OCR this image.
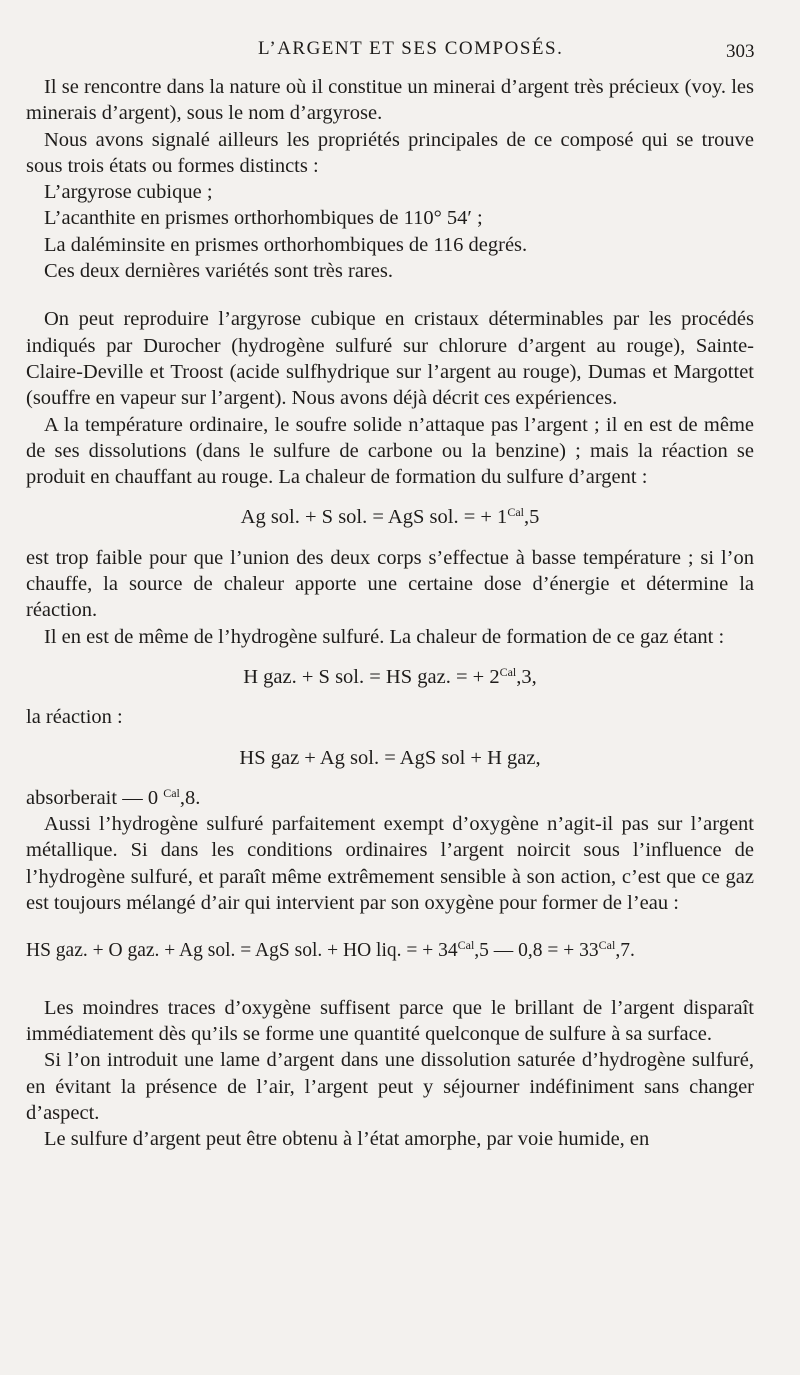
L’ARGENT ET SES COMPOSÉS.	303

Il se rencontre dans la nature où il constitue un minerai d’argent très précieux (voy. les minerais d’argent), sous le nom d’argyrose.

Nous avons signalé ailleurs les propriétés principales de ce composé qui se trouve sous trois états ou formes distincts :

L’argyrose cubique ;

L’acanthite en prismes orthorhombiques de 110° 54′ ;

La daléminsite en prismes orthorhombiques de 116 degrés.

Ces deux dernières variétés sont très rares.

On peut reproduire l’argyrose cubique en cristaux déterminables par les procédés indiqués par Durocher (hydrogène sulfuré sur chlorure d’argent au rouge), Sainte-Claire-Deville et Troost (acide sulfhydrique sur l’argent au rouge), Dumas et Margottet (souffre en vapeur sur l’argent). Nous avons déjà décrit ces expériences.

A la température ordinaire, le soufre solide n’attaque pas l’argent ; il en est de même de ses dissolutions (dans le sulfure de carbone ou la benzine) ; mais la réaction se produit en chauffant au rouge. La chaleur de formation du sulfure d’argent :

Ag sol. + S sol. = AgS sol. = + $1^{Cal},5$

est trop faible pour que l’union des deux corps s’effectue à basse température ; si l’on chauffe, la source de chaleur apporte une certaine dose d’énergie et détermine la réaction.

Il en est de même de l’hydrogène sulfuré. La chaleur de formation de ce gaz étant :

H gaz. + S sol. = HS gaz. = + $2^{Cal},3$,

la réaction :

HS gaz + Ag sol. = AgS sol + H gaz,

absorberait — 0 $^{Cal}$,8.

Aussi l’hydrogène sulfuré parfaitement exempt d’oxygène n’agit-il pas sur l’argent métallique. Si dans les conditions ordinaires l’argent noircit sous l’influence de l’hydrogène sulfuré, et paraît même extrêmement sensible à son action, c’est que ce gaz est toujours mélangé d’air qui intervient par son oxygène pour former de l’eau :

HS gaz. + O gaz. + Ag sol. = AgS sol. + HO liq. = + $34^{Cal},5$ — 0,8 = + $33^{Cal},7$.

Les moindres traces d’oxygène suffisent parce que le brillant de l’argent disparaît immédiatement dès qu’ils se forme une quantité quelconque de sulfure à sa surface.

Si l’on introduit une lame d’argent dans une dissolution saturée d’hydrogène sulfuré, en évitant la présence de l’air, l’argent peut y séjourner indéfiniment sans changer d’aspect.

Le sulfure d’argent peut être obtenu à l’état amorphe, par voie humide, en
